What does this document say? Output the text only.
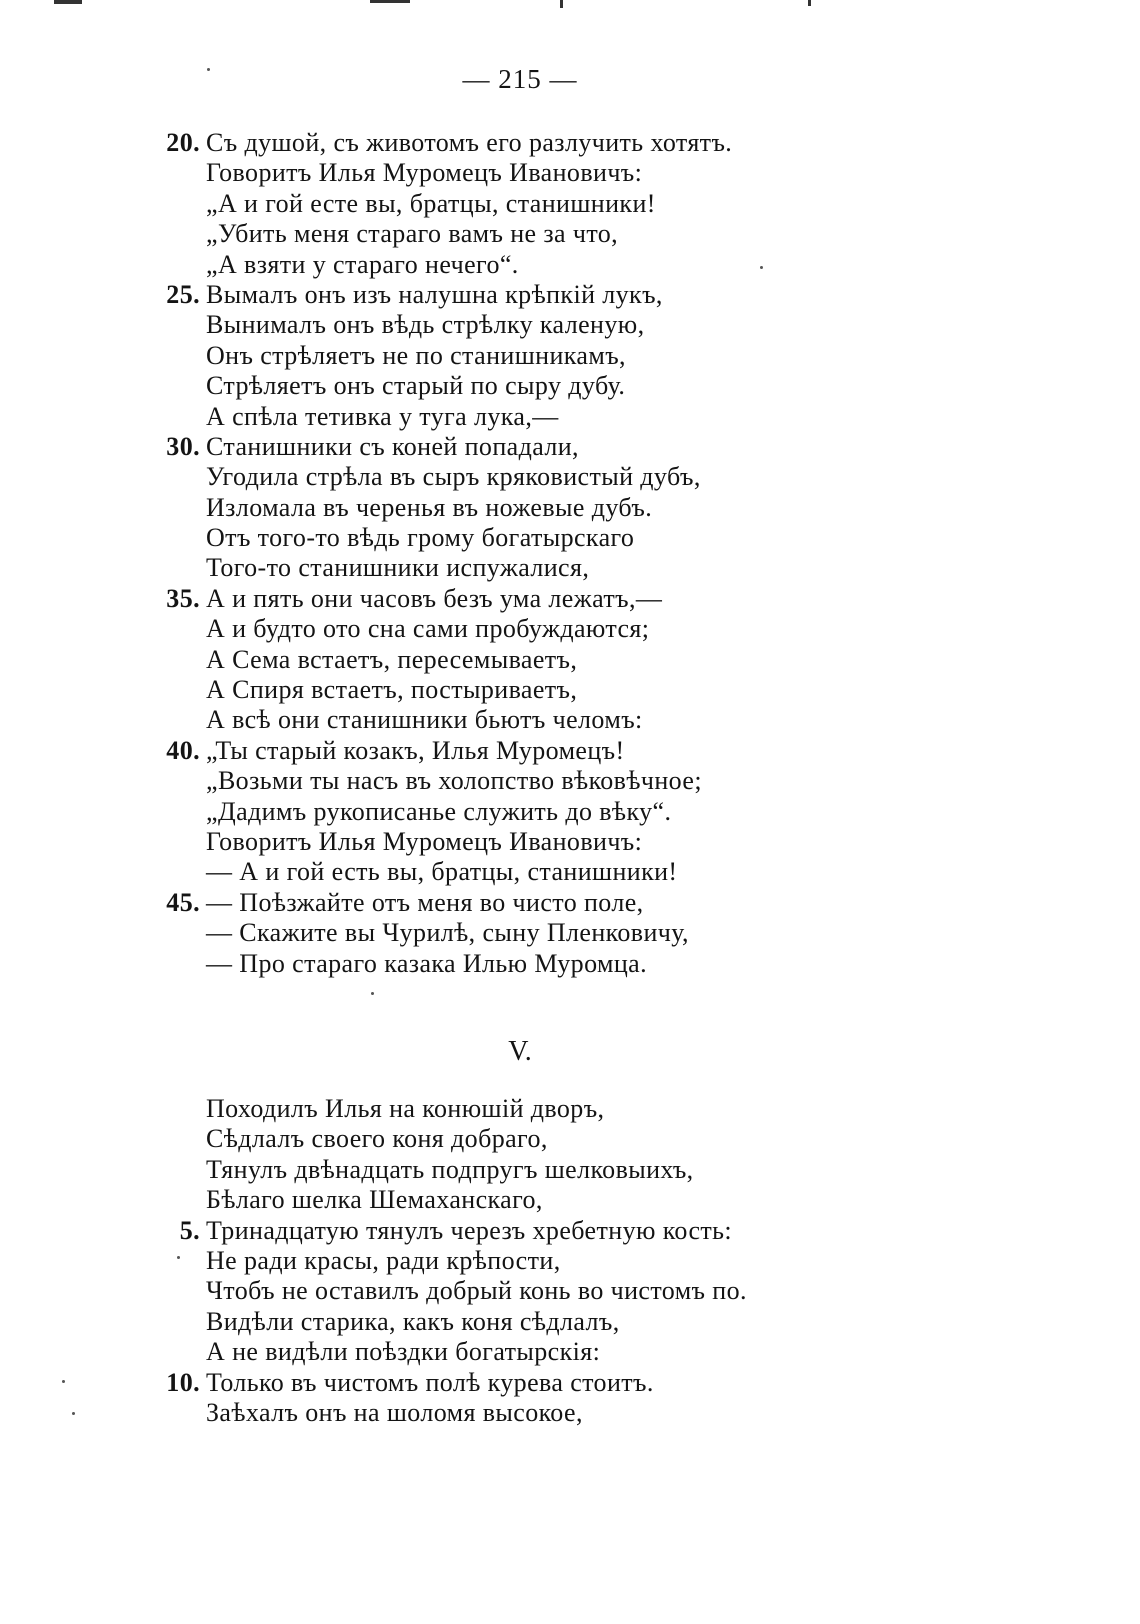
— 215 —
20. Съ душой, съ животомъ его разлучить хотятъ.
Говоритъ Илья Муромецъ Ивановичъ:
„А и гой есте вы, братцы, станишники!
„Убить меня стараго вамъ не за что,
„А взяти у стараго нечего“.
25. Вымалъ онъ изъ налушна крѣпкій лукъ,
Вынималъ онъ вѣдь стрѣлку каленую,
Онъ стрѣляетъ не по станишникамъ,
Стрѣляетъ онъ старый по сыру дубу.
А спѣла тетивка у туга лука,—
30. Станишники съ коней попадали,
Угодила стрѣла въ сыръ кряковистый дубъ,
Изломала въ черенья въ ножевые дубъ.
Отъ того-то вѣдь грому богатырскаго
Того-то станишники испужалися,
35. А и пять они часовъ безъ ума лежатъ,—
А и будто ото сна сами пробуждаются;
А Сема встаетъ, пересемываетъ,
А Спиря встаетъ, постыриваетъ,
А всѣ они станишники бьютъ челомъ:
40. „Ты старый козакъ, Илья Муромецъ!
„Возьми ты насъ въ холопство вѣковѣчное;
„Дадимъ рукописанье служить до вѣку“.
Говоритъ Илья Муромецъ Ивановичъ:
— А и гой есть вы, братцы, станишники!
45. — Поѣзжайте отъ меня во чисто поле,
— Скажите вы Чурилѣ, сыну Пленковичу,
— Про стараго казака Илью Муромца.
V.
Походилъ Илья на конюшій дворъ,
Сѣдлалъ своего коня добраго,
Тянулъ двѣнадцать подпругъ шелковыихъ,
Бѣлаго шелка Шемаханскаго,
5. Тринадцатую тянулъ черезъ хребетную кость:
Не ради красы, ради крѣпости,
Чтобъ не оставилъ добрый конь во чистомъ по.
Видѣли старика, какъ коня сѣдлалъ,
А не видѣли поѣздки богатырскія:
10. Только въ чистомъ полѣ курева стоитъ.
Заѣхалъ онъ на шоломя высокое,
